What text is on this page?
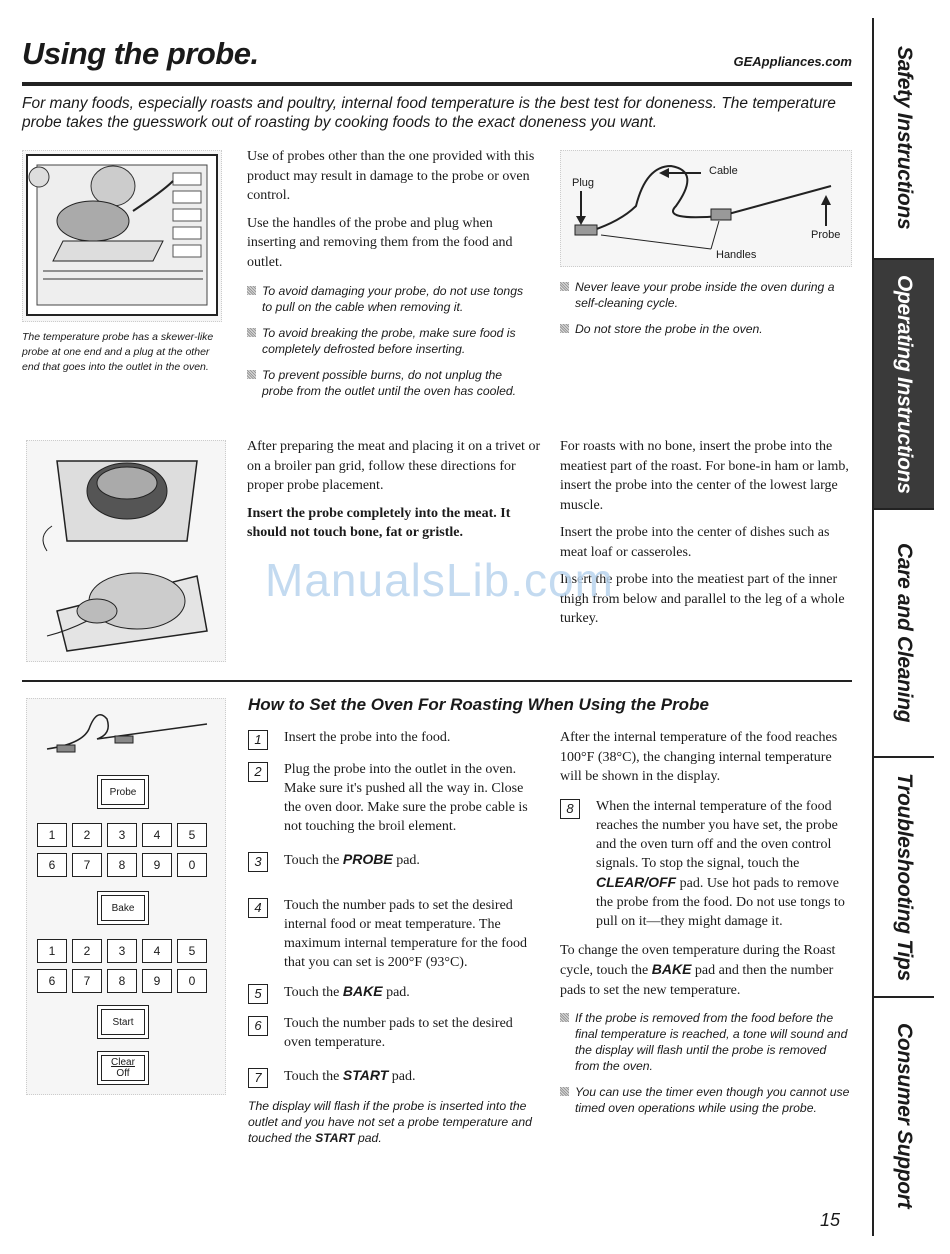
Using the probe.	GEAppliances.com
For many foods, especially roasts and poultry, internal food temperature is the best test for doneness. The temperature probe takes the guesswork out of roasting by cooking foods to the exact doneness you want.
The temperature probe has a skewer-like probe at one end and a plug at the other end that goes into the outlet in the oven.

Use of probes other than the one provided with this product may result in damage to the probe or oven control.

Use the handles of the probe and plug when inserting and removing them from the food and outlet.

To avoid damaging your probe, do not use tongs to pull on the cable when removing it.
To avoid breaking the probe, make sure food is completely defrosted before inserting.
To prevent possible burns, do not unplug the probe from the outlet until the oven has cooled.
Plug
Cable
Probe
Handles
Never leave your probe inside the oven during a self-cleaning cycle.
Do not store the probe in the oven.

After preparing the meat and placing it on a trivet or on a broiler pan grid, follow these directions for proper probe placement.

Insert the probe completely into the meat. It should not touch bone, fat or gristle.

For roasts with no bone, insert the probe into the meatiest part of the roast. For bone-in ham or lamb, insert the probe into the center of the lowest large muscle.

Insert the probe into the center of dishes such as meat loaf or casseroles.

Insert the probe into the meatiest part of the inner thigh from below and parallel to the leg of a whole turkey.

ManualsLib.com
How to Set the Oven For Roasting When Using the Probe
Probe
1	2	3	4	5
6	7	8	9	0
Bake
1	2	3	4	5
6	7	8	9	0
Start
Clear
Off
1	Insert the probe into the food.
2	Plug the probe into the outlet in the oven. Make sure it's pushed all the way in. Close the oven door. Make sure the probe cable is not touching the broil element.
3	Touch the PROBE pad.
4	Touch the number pads to set the desired internal food or meat temperature. The maximum internal temperature for the food that you can set is 200°F (93°C).
5	Touch the BAKE pad.
6	Touch the number pads to set the desired oven temperature.
7	Touch the START pad.
The display will flash if the probe is inserted into the outlet and you have not set a probe temperature and touched the START pad.

After the internal temperature of the food reaches 100°F (38°C), the changing internal temperature will be shown in the display.

8	When the internal temperature of the food reaches the number you have set, the probe and the oven turn off and the oven control signals. To stop the signal, touch the CLEAR/OFF pad. Use hot pads to remove the probe from the food. Do not use tongs to pull on it—they might damage it.

To change the oven temperature during the Roast cycle, touch the BAKE pad and then the number pads to set the new temperature.

If the probe is removed from the food before the final temperature is reached, a tone will sound and the display will flash until the probe is removed from the oven.
You can use the timer even though you cannot use timed oven operations while using the probe.
Safety Instructions
Operating Instructions
Care and Cleaning
Troubleshooting Tips
Consumer Support
15
